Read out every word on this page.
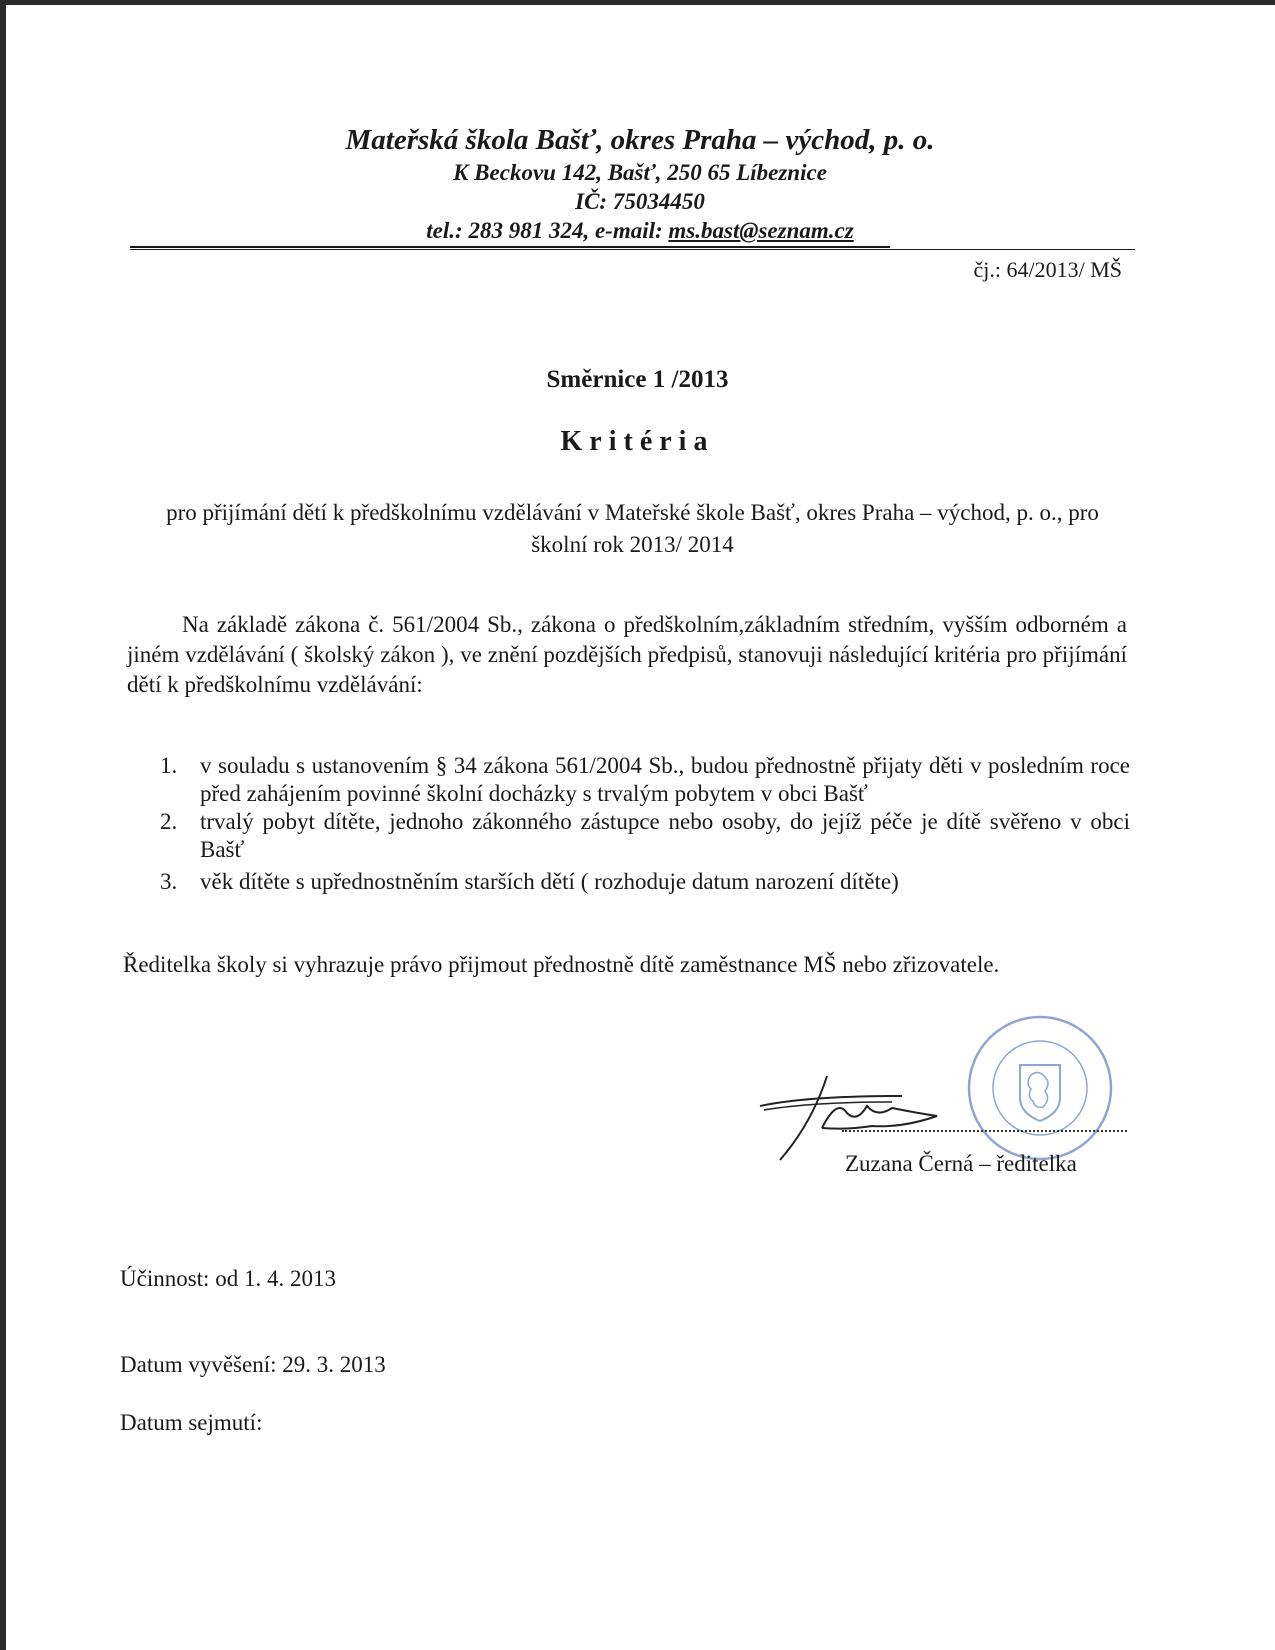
Mateřská škola Bašť, okres Praha – východ, p. o.
K Beckovu 142, Bašť, 250 65 Líbeznice
IČ: 75034450
tel.: 283 981 324, e-mail: ms.bast@seznam.cz
čj.: 64/2013/ MŠ
Směrnice 1 /2013
Kritéria
pro přijímání dětí k předškolnímu vzdělávání v Mateřské škole Bašť, okres Praha – východ, p. o., pro školní rok 2013/ 2014
Na základě zákona č. 561/2004 Sb., zákona o předškolním,základním středním, vyšším odborném a jiném vzdělávání ( školský zákon ), ve znění pozdějších předpisů, stanovuji následující kritéria pro přijímání dětí k předškolnímu vzdělávání:
1. v souladu s ustanovením § 34 zákona 561/2004 Sb., budou přednostně přijaty děti v posledním roce před zahájením povinné školní docházky s trvalým pobytem v obci Bašť
2. trvalý pobyt dítěte, jednoho zákonného zástupce nebo osoby, do jejíž péče je dítě svěřeno v obci Bašť
3. věk dítěte s upřednostněním starších dětí ( rozhoduje datum narození dítěte)
Ředitelka školy si vyhrazuje právo přijmout přednostně dítě zaměstnance MŠ nebo zřizovatele.
Zuzana Černá – ředitelka
Účinnost: od 1. 4. 2013
Datum vyvěšení: 29. 3. 2013
Datum sejmutí:
